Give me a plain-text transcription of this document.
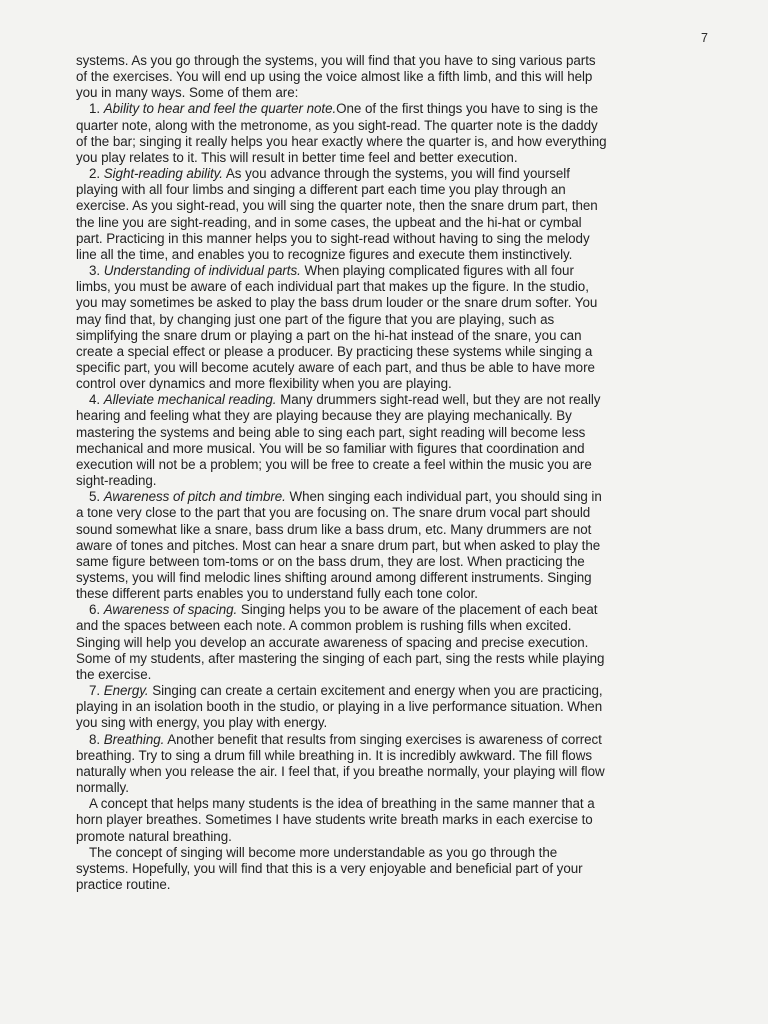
7

systems. As you go through the systems, you will find that you have to sing various parts of the exercises. You will end up using the voice almost like a fifth limb, and this will help you in many ways. Some of them are:

1. Ability to hear and feel the quarter note.One of the first things you have to sing is the quarter note, along with the metronome, as you sight-read. The quarter note is the daddy of the bar; singing it really helps you hear exactly where the quarter is, and how everything you play relates to it. This will result in better time feel and better execution.

2. Sight-reading ability. As you advance through the systems, you will find yourself playing with all four limbs and singing a different part each time you play through an exercise. As you sight-read, you will sing the quarter note, then the snare drum part, then the line you are sight-reading, and in some cases, the upbeat and the hi-hat or cymbal part. Practicing in this manner helps you to sight-read without having to sing the melody line all the time, and enables you to recognize figures and execute them instinctively.

3. Understanding of individual parts. When playing complicated figures with all four limbs, you must be aware of each individual part that makes up the figure. In the studio, you may sometimes be asked to play the bass drum louder or the snare drum softer. You may find that, by changing just one part of the figure that you are playing, such as simplifying the snare drum or playing a part on the hi-hat instead of the snare, you can create a special effect or please a producer. By practicing these systems while singing a specific part, you will become acutely aware of each part, and thus be able to have more control over dynamics and more flexibility when you are playing.

4. Alleviate mechanical reading. Many drummers sight-read well, but they are not really hearing and feeling what they are playing because they are playing mechanically. By mastering the systems and being able to sing each part, sight reading will become less mechanical and more musical. You will be so familiar with figures that coordination and execution will not be a problem; you will be free to create a feel within the music you are sight-reading.

5. Awareness of pitch and timbre. When singing each individual part, you should sing in a tone very close to the part that you are focusing on. The snare drum vocal part should sound somewhat like a snare, bass drum like a bass drum, etc. Many drummers are not aware of tones and pitches. Most can hear a snare drum part, but when asked to play the same figure between tom-toms or on the bass drum, they are lost. When practicing the systems, you will find melodic lines shifting around among different instruments. Singing these different parts enables you to understand fully each tone color.

6. Awareness of spacing. Singing helps you to be aware of the placement of each beat and the spaces between each note. A common problem is rushing fills when excited. Singing will help you develop an accurate awareness of spacing and precise execution. Some of my students, after mastering the singing of each part, sing the rests while playing the exercise.

7. Energy. Singing can create a certain excitement and energy when you are practicing, playing in an isolation booth in the studio, or playing in a live performance situation. When you sing with energy, you play with energy.

8. Breathing. Another benefit that results from singing exercises is awareness of correct breathing. Try to sing a drum fill while breathing in. It is incredibly awkward. The fill flows naturally when you release the air. I feel that, if you breathe normally, your playing will flow normally.

A concept that helps many students is the idea of breathing in the same manner that a horn player breathes. Sometimes I have students write breath marks in each exercise to promote natural breathing.

The concept of singing will become more understandable as you go through the systems. Hopefully, you will find that this is a very enjoyable and beneficial part of your practice routine.
